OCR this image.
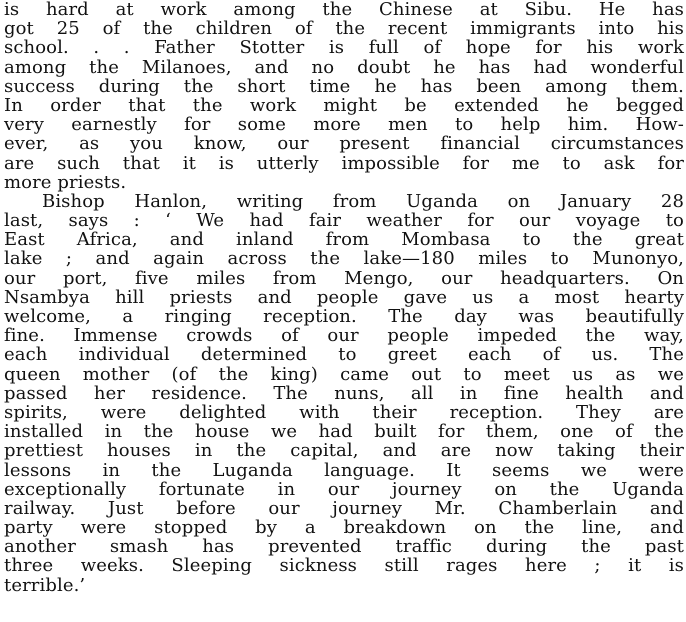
is hard at work among the Chinese at Sibu. He has
got 25 of the children of the recent immigrants into his
school. . . Father Stotter is full of hope for his work
among the Milanoes, and no doubt he has had wonderful
success during the short time he has been among them.
In order that the work might be extended he begged
very earnestly for some more men to help him. How-
ever, as you know, our present financial circumstances
are such that it is utterly impossible for me to ask for
more priests.
Bishop Hanlon, writing from Uganda on January 28
last, says : ‘ We had fair weather for our voyage to
East Africa, and inland from Mombasa to the great
lake ; and again across the lake—180 miles to Munonyo,
our port, five miles from Mengo, our headquarters. On
Nsambya hill priests and people gave us a most hearty
welcome, a ringing reception. The day was beautifully
fine. Immense crowds of our people impeded the way,
each individual determined to greet each of us. The
queen mother (of the king) came out to meet us as we
passed her residence. The nuns, all in fine health and
spirits, were delighted with their reception. They are
installed in the house we had built for them, one of the
prettiest houses in the capital, and are now taking their
lessons in the Luganda language. It seems we were
exceptionally fortunate in our journey on the Uganda
railway. Just before our journey Mr. Chamberlain and
party were stopped by a breakdown on the line, and
another smash has prevented traffic during the past
three weeks. Sleeping sickness still rages here ; it is
terrible.’
